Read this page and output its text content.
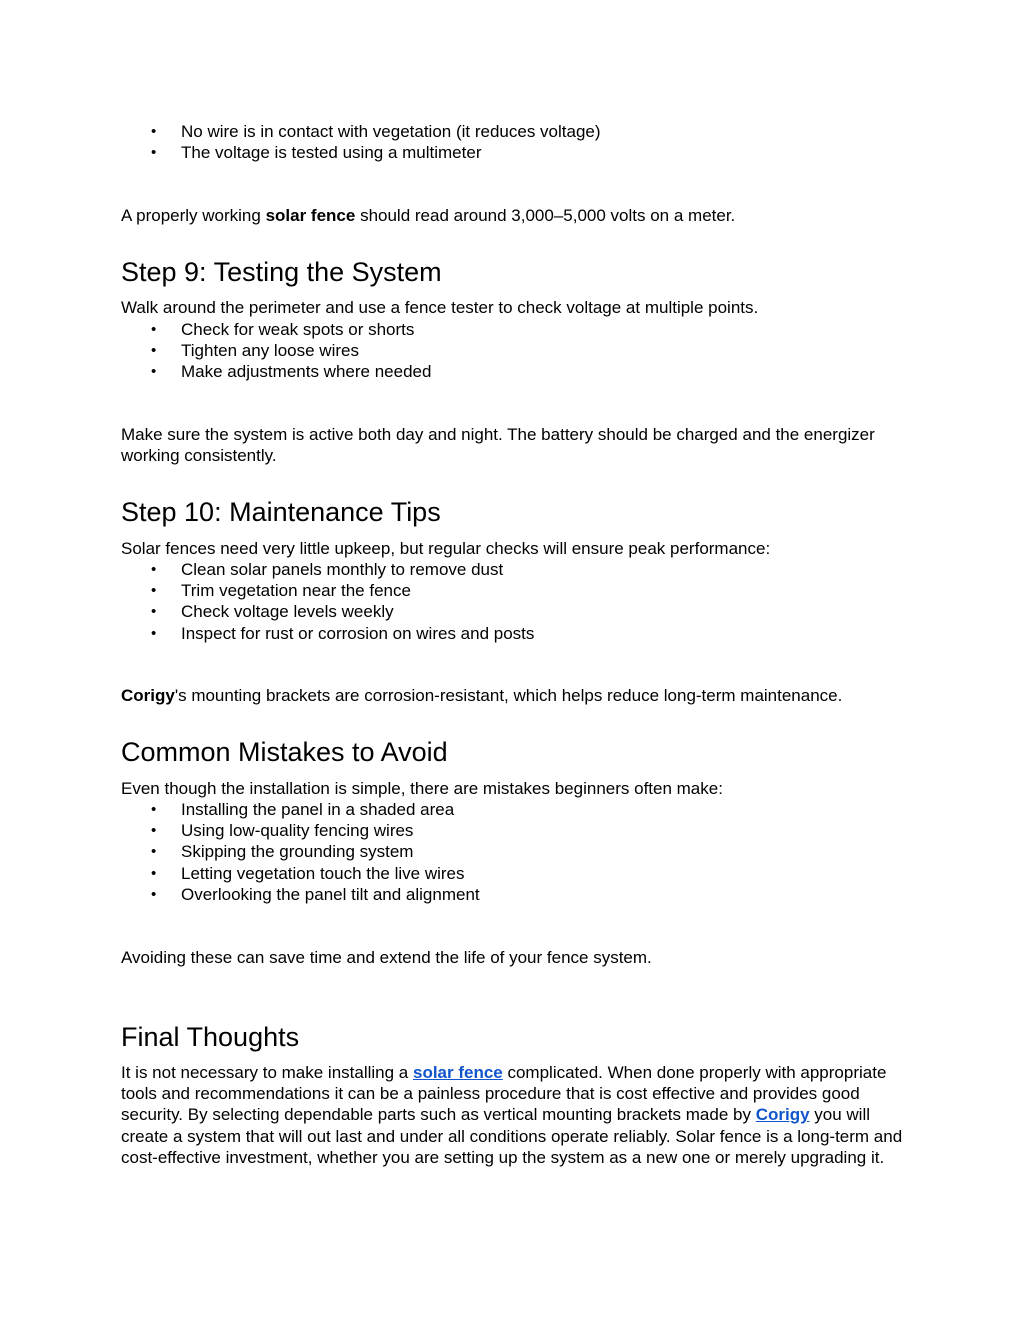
• No wire is in contact with vegetation (it reduces voltage)
• The voltage is tested using a multimeter

A properly working solar fence should read around 3,000–5,000 volts on a meter.

Step 9: Testing the System

Walk around the perimeter and use a fence tester to check voltage at multiple points.

• Check for weak spots or shorts
• Tighten any loose wires
• Make adjustments where needed

Make sure the system is active both day and night. The battery should be charged and the energizer working consistently.

Step 10: Maintenance Tips

Solar fences need very little upkeep, but regular checks will ensure peak performance:

• Clean solar panels monthly to remove dust
• Trim vegetation near the fence
• Check voltage levels weekly
• Inspect for rust or corrosion on wires and posts

Corigy's mounting brackets are corrosion-resistant, which helps reduce long-term maintenance.

Common Mistakes to Avoid

Even though the installation is simple, there are mistakes beginners often make:

• Installing the panel in a shaded area
• Using low-quality fencing wires
• Skipping the grounding system
• Letting vegetation touch the live wires
• Overlooking the panel tilt and alignment

Avoiding these can save time and extend the life of your fence system.

Final Thoughts

It is not necessary to make installing a solar fence complicated. When done properly with appropriate tools and recommendations it can be a painless procedure that is cost effective and provides good security. By selecting dependable parts such as vertical mounting brackets made by Corigy you will create a system that will out last and under all conditions operate reliably. Solar fence is a long-term and cost-effective investment, whether you are setting up the system as a new one or merely upgrading it.
